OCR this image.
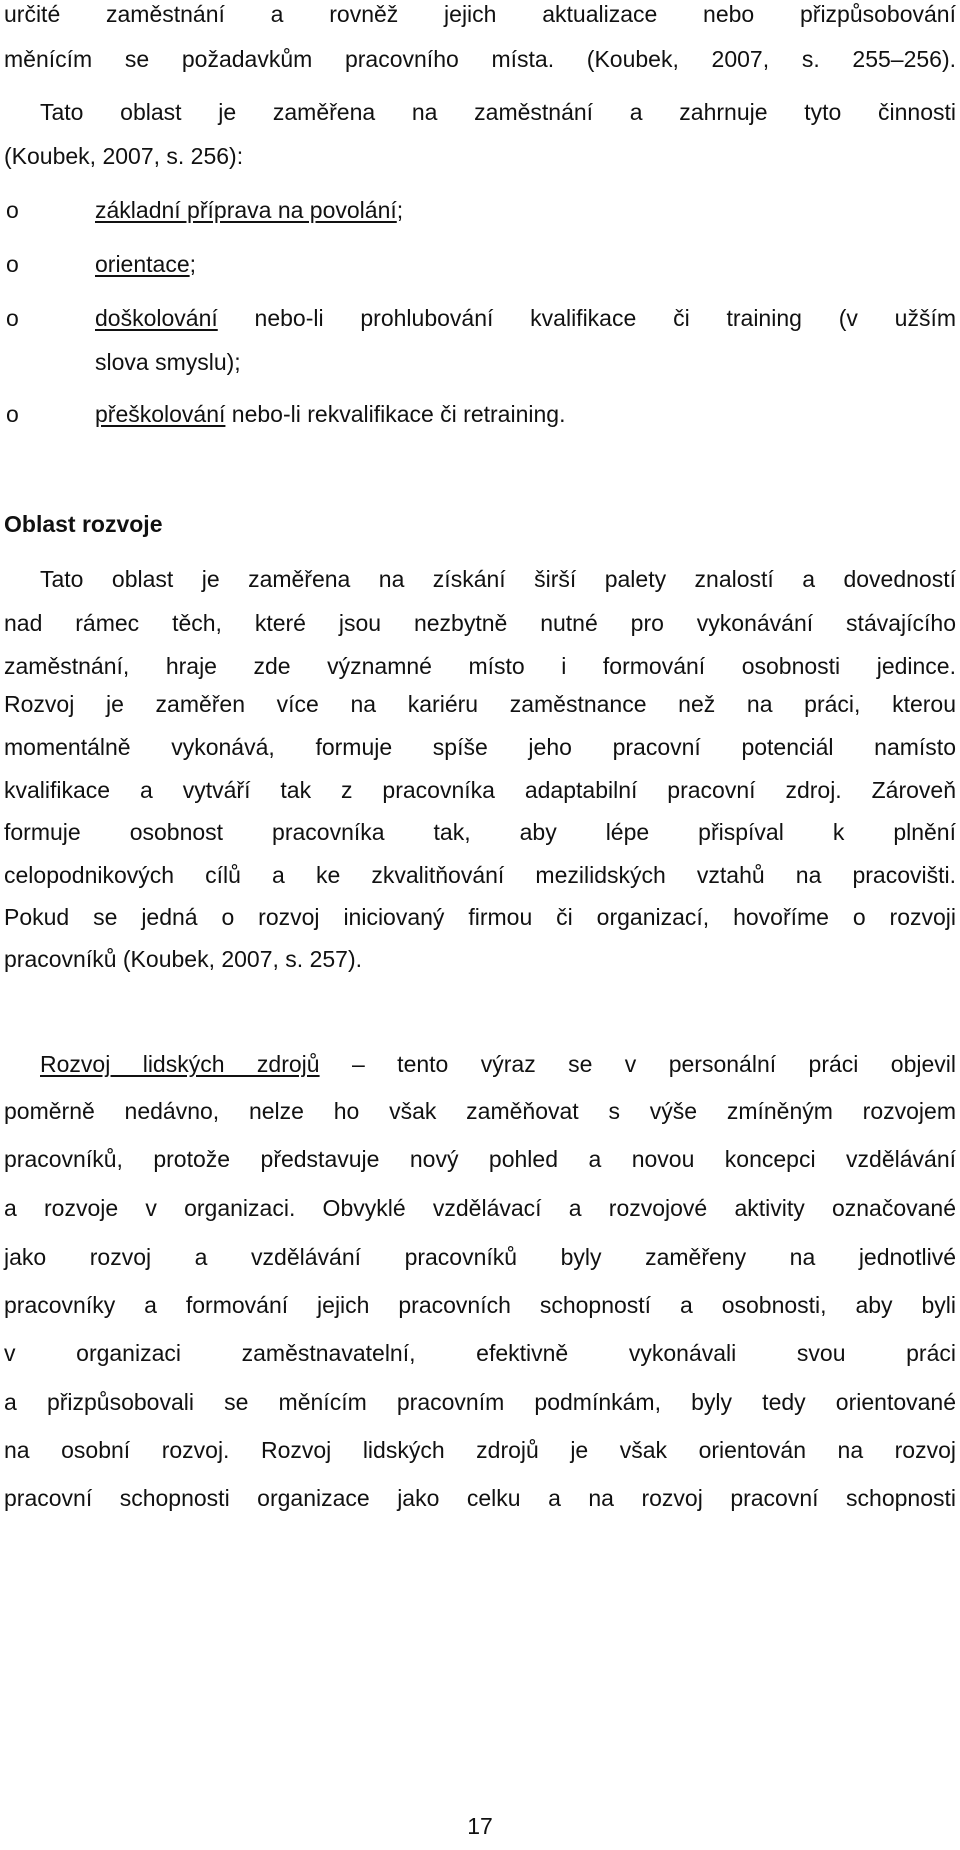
určité zaměstnání a rovněž jejich aktualizace nebo přizpůsobování
měnícím se požadavkům pracovního místa. (Koubek, 2007, s. 255–256).
Tato oblast je zaměřena na zaměstnání a zahrnuje tyto činnosti
(Koubek, 2007, s. 256):
o	základní příprava na povolání;
o	orientace;
o	doškolování nebo-li prohlubování kvalifikace či training (v užším
slova smyslu);
o	přeškolování nebo-li rekvalifikace či retraining.
Oblast rozvoje
Tato oblast je zaměřena na získání širší palety znalostí a dovedností
nad rámec těch, které jsou nezbytně nutné pro vykonávání stávajícího
zaměstnání, hraje zde významné místo i formování osobnosti jedince.
Rozvoj je zaměřen více na kariéru zaměstnance než na práci, kterou
momentálně vykonává, formuje spíše jeho pracovní potenciál namísto
kvalifikace a vytváří tak z pracovníka adaptabilní pracovní zdroj. Zároveň
formuje osobnost pracovníka tak, aby lépe přispíval k plnění
celopodnikových cílů a ke zkvalitňování mezilidských vztahů na pracovišti.
Pokud se jedná o rozvoj iniciovaný firmou či organizací, hovoříme o rozvoji
pracovníků (Koubek, 2007, s. 257).
Rozvoj lidských zdrojů – tento výraz se v personální práci objevil
poměrně nedávno, nelze ho však zaměňovat s výše zmíněným rozvojem
pracovníků, protože představuje nový pohled a novou koncepci vzdělávání
a rozvoje v organizaci. Obvyklé vzdělávací a rozvojové aktivity označované
jako rozvoj a vzdělávání pracovníků byly zaměřeny na jednotlivé
pracovníky a formování jejich pracovních schopností a osobnosti, aby byli
v organizaci zaměstnavatelní, efektivně vykonávali svou práci
a přizpůsobovali se měnícím pracovním podmínkám, byly tedy orientované
na osobní rozvoj. Rozvoj lidských zdrojů je však orientován na rozvoj
pracovní schopnosti organizace jako celku a na rozvoj pracovní schopnosti
17
